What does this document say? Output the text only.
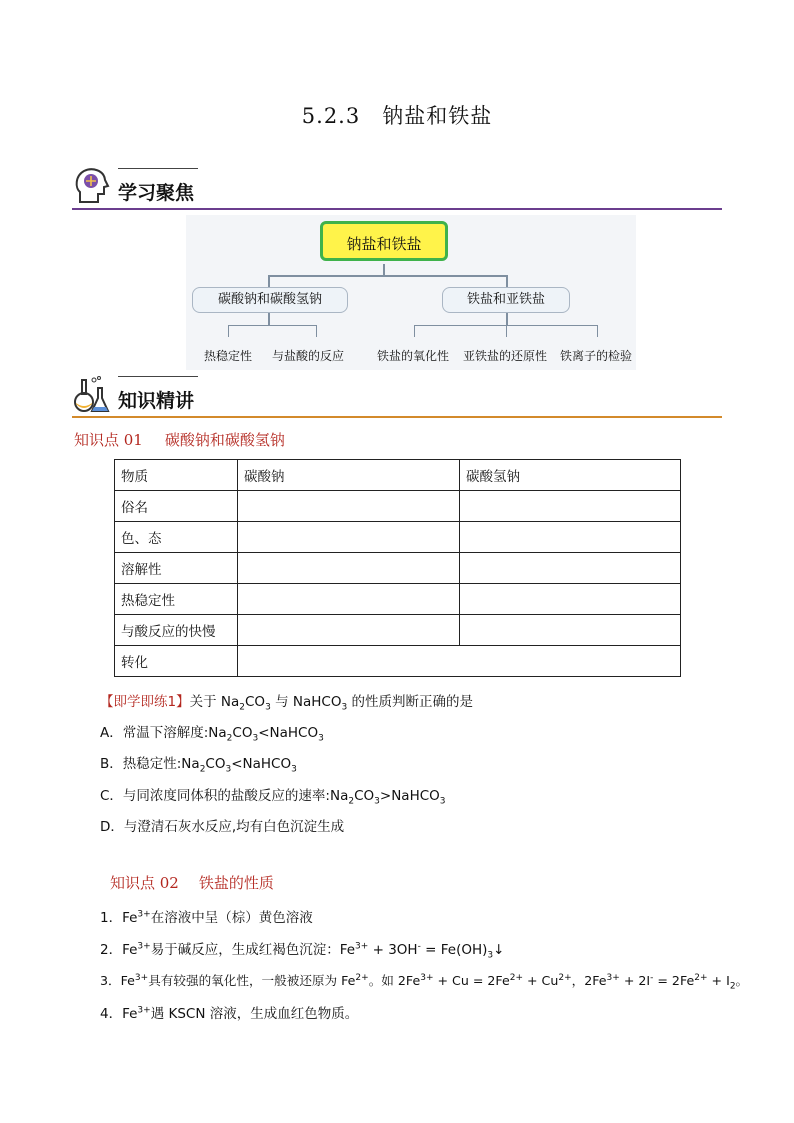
5.2.3　钠盐和铁盐
学习聚焦
钠盐和铁盐
碳酸钠和碳酸氢钠	铁盐和亚铁盐
热稳定性 与盐酸的反应	铁盐的氧化性 亚铁盐的还原性 铁离子的检验
知识精讲
知识点 01 碳酸钠和碳酸氢钠
物质	碳酸钠	碳酸氢钠
俗名		
色、态		
溶解性		
热稳定性		
与酸反应的快慢		
转化		
【即学即练1】关于 $Na_2CO_3$ 与 NaHCO$_3$ 的性质判断正确的是
A．常温下溶解度$:Na_2CO_3<NaHCO_3$
B．热稳定性$:Na_2CO_3<NaHCO_3$
C．与同浓度同体积的盐酸反应的速率$:Na_2CO_3>NaHCO_3$
D．与澄清石灰水反应,均有白色沉淀生成
知识点 02 铁盐的性质
1．$Fe^{3+}$在溶液中呈（棕）黄色溶液
2．$Fe^{3+}$易于碱反应，生成红褐色沉淀：$Fe^{3+} + 3OH^-$ = $Fe(OH)_3↓$
3．$Fe^{3+}$具有较强的氧化性，一般被还原为 $Fe^{2+}$。如 $2Fe^{3+} + Cu = 2Fe^{2+} + Cu^{2+}$，$2Fe^{3+} + 2I^- = 2Fe^{2+} + I_2$。
4．$Fe^{3+}$遇 KSCN 溶液，生成血红色物质。
